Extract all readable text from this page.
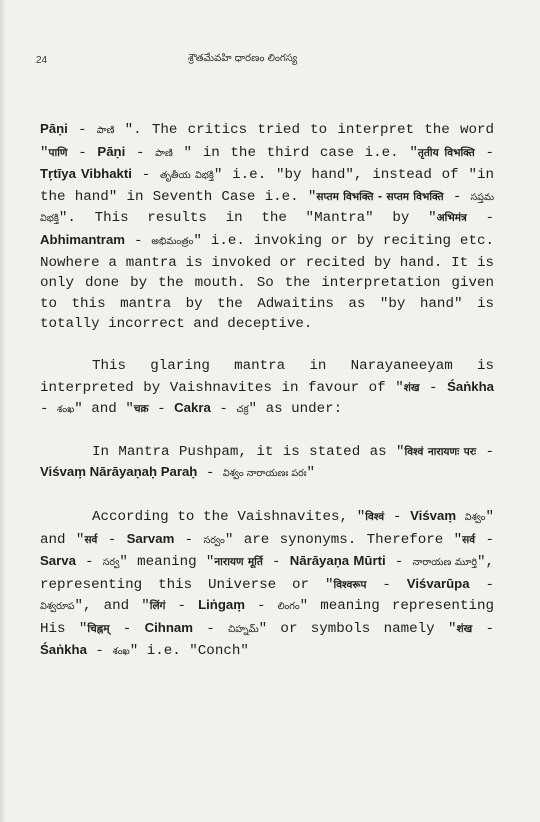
24	శ్రౌతమేవహి ధారణం లింగస్య

Pāṇi - పాణి ". The critics tried to interpret the word "पाणि - Pāṇi - పాణి " in the third case i.e. "तृतीय विभक्ति - Tṛtīya Vibhakti - తృతీయ విభక్తి" i.e. "by hand", instead of "in the hand" in Seventh Case i.e. "सप्तम विभक्ति - सप्तम विभक्ति - సప్తమ విభక్తి". This results in the "Mantra" by "अभिमंत्र - Abhimantram - అభిమంత్రం" i.e. invoking or by reciting etc. Nowhere a mantra is invoked or recited by hand. It is only done by the mouth. So the interpretation given to this mantra by the Adwaitins as "by hand" is totally incorrect and deceptive.

This glaring mantra in Narayaneeyam is interpreted by Vaishnavites in favour of "शंख - Śaṅkha - శంఖ" and "चक्र - Cakra - చక్ర" as under:

In Mantra Pushpam, it is stated as "विश्वं नारायणः परः - Viśvaṃ Nārāyaṇaḥ Paraḥ - విశ్వం నారాయణః పరః"

According to the Vaishnavites, "विश्वं - Viśvaṃ విశ్వం" and "सर्व - Sarvam - సర్వం" are synonyms. Therefore "सर्व - Sarva - సర్వ" meaning "नारायण मूर्ति - Nārāyaṇa Mūrti - నారాయణ మూర్తి", representing this Universe or "विश्वरूप - Viśvarūpa - విశ్వరూప", and "लिंगं - Liṅgaṃ - లింగం" meaning representing His "चिह्नम् - Cihnam - చిహ్నమ్" or symbols namely "शंख - Śaṅkha - శంఖ" i.e. "Conch"
